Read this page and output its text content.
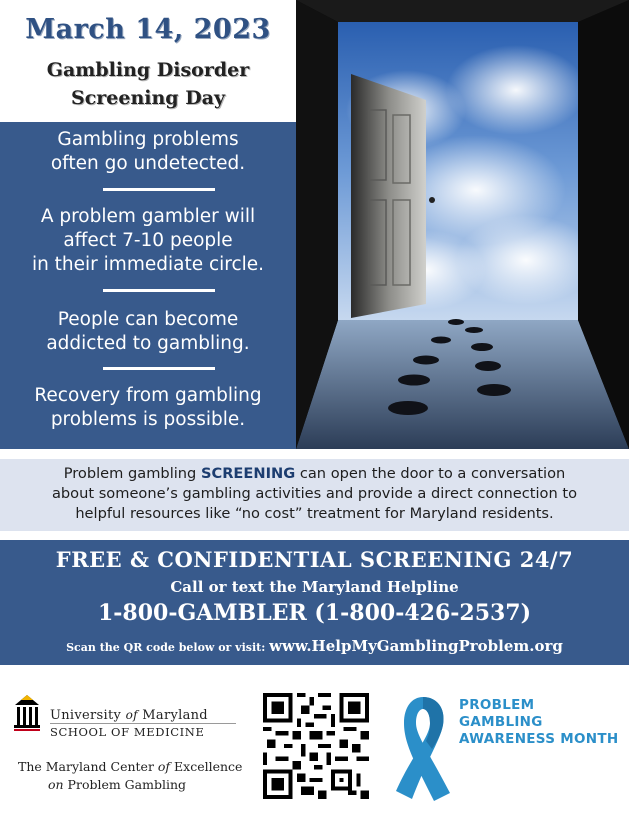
March 14, 2023
Gambling Disorder
Screening Day
Gambling problems
often go undetected.
A problem gambler will
affect 7-10 people
in their immediate circle.
People can become
addicted to gambling.
Recovery from gambling
problems is possible.
Problem gambling SCREENING can open the door to a conversation
about someone’s gambling activities and provide a direct connection to
helpful resources like “no cost” treatment for Maryland residents.
FREE & CONFIDENTIAL SCREENING 24/7
Call or text the Maryland Helpline
1-800-GAMBLER (1-800-426-2537)
Scan the QR code below or visit: www.HelpMyGamblingProblem.org
University of Maryland
SCHOOL OF MEDICINE
The Maryland Center of Excellence
on Problem Gambling
PROBLEM GAMBLING
AWARENESS MONTH
